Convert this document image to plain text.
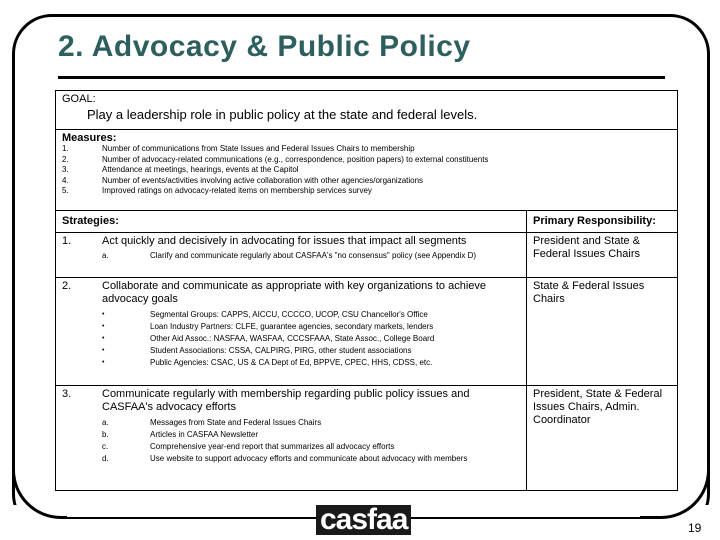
2. Advocacy & Public Policy
GOAL:
Play a leadership role in public policy at the state and federal levels.	

Measures:
1.	Number of communications from State Issues and Federal Issues Chairs to membership
2.	Number of advocacy-related communications (e.g., correspondence, position papers) to external constituents
3.	Attendance at meetings, hearings, events at the Capitol
4.	Number of events/activities involving active collaboration with other agencies/organizations
5.	Improved ratings on advocacy-related items on membership services survey

Strategies:	Primary Responsibility:

1. Act quickly and decisively in advocating for issues that impact all segments
a. Clarify and communicate regularly about CASFAA's "no consensus" policy (see Appendix D)	President and State & Federal Issues Chairs

2.	Collaborate and communicate as appropriate with key organizations to achieve advocacy goals
•	Segmental Groups: CAPPS, AICCU, CCCCO, UCOP, CSU Chancellor's Office
•	Loan Industry Partners: CLFE, guarantee agencies, secondary markets, lenders
•	Other Aid Assoc.: NASFAA, WASFAA, CCCSFAAA, State Assoc., College Board
•	Student Associations: CSSA, CALPIRG, PIRG, other student associations
•	Public Agencies: CSAC, US & CA Dept of Ed, BPPVE, CPEC, HHS, CDSS, etc.
	State & Federal Issues Chairs

3.	Communicate regularly with membership regarding public policy issues and CASFAA's advocacy efforts
a.	Messages from State and Federal Issues Chairs
b.	Articles in CASFAA Newsletter
c.	Comprehensive year-end report that summarizes all advocacy efforts
d.	Use website to support advocacy efforts and communicate about advocacy with members
	President, State & Federal Issues Chairs, Admin. Coordinator
casfaa	19
